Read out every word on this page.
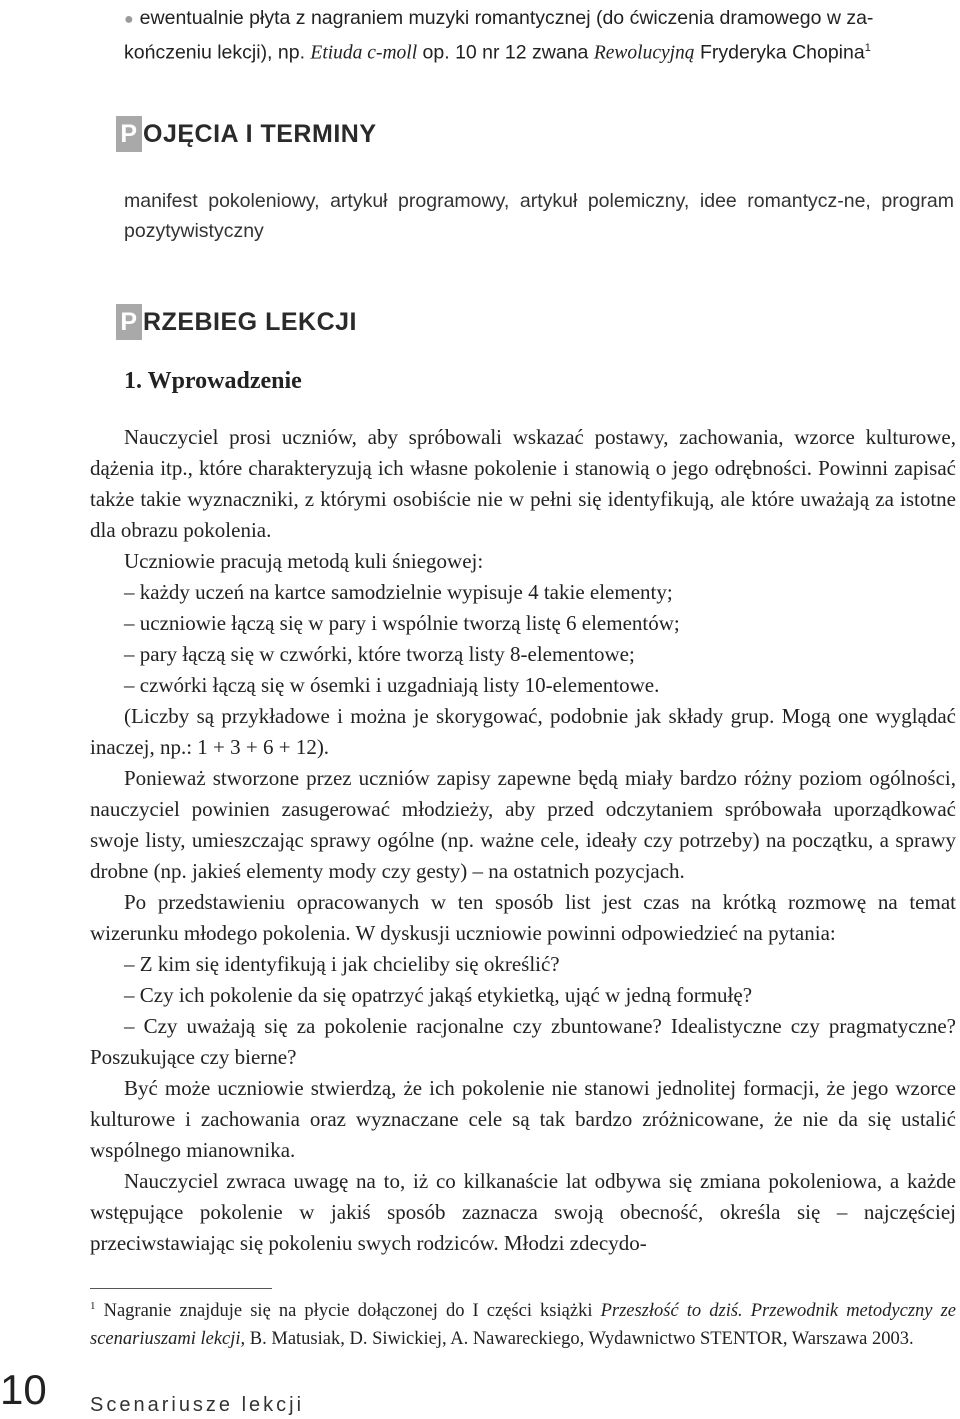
● ewentualnie płyta z nagraniem muzyki romantycznej (do ćwiczenia dramowego w za-
kończeniu lekcji), np. Etiuda c-moll op. 10 nr 12 zwana Rewolucyjną Fryderyka Chopina$^1$
P OJĘCIA I TERMINY
manifest pokoleniowy, artykuł programowy, artykuł polemiczny, idee romantycz-ne, program pozytywistyczny
P RZEBIEG LEKCJI
1. Wprowadzenie

Nauczyciel prosi uczniów, aby spróbowali wskazać postawy, zachowania, wzorce kulturowe, dążenia itp., które charakteryzują ich własne pokolenie i stanowią o jego odrębności. Powinni zapisać także takie wyznaczniki, z którymi osobiście nie w pełni się identyfikują, ale które uważają za istotne dla obrazu pokolenia.

Uczniowie pracują metodą kuli śniegowej:

– każdy uczeń na kartce samodzielnie wypisuje 4 takie elementy;

– uczniowie łączą się w pary i wspólnie tworzą listę 6 elementów;

– pary łączą się w czwórki, które tworzą listy 8-elementowe;

– czwórki łączą się w ósemki i uzgadniają listy 10-elementowe.

(Liczby są przykładowe i można je skorygować, podobnie jak składy grup. Mogą one wyglądać inaczej, np.: 1 + 3 + 6 + 12).

Ponieważ stworzone przez uczniów zapisy zapewne będą miały bardzo różny poziom ogólności, nauczyciel powinien zasugerować młodzieży, aby przed odczytaniem spróbowała uporządkować swoje listy, umieszczając sprawy ogólne (np. ważne cele, ideały czy potrzeby) na początku, a sprawy drobne (np. jakieś elementy mody czy gesty) – na ostatnich pozycjach.

Po przedstawieniu opracowanych w ten sposób list jest czas na krótką rozmowę na temat wizerunku młodego pokolenia. W dyskusji uczniowie powinni odpowiedzieć na pytania:

– Z kim się identyfikują i jak chcieliby się określić?

– Czy ich pokolenie da się opatrzyć jakąś etykietką, ująć w jedną formułę?

– Czy uważają się za pokolenie racjonalne czy zbuntowane? Idealistyczne czy pragmatyczne? Poszukujące czy bierne?

Być może uczniowie stwierdzą, że ich pokolenie nie stanowi jednolitej formacji, że jego wzorce kulturowe i zachowania oraz wyznaczane cele są tak bardzo zróżnicowane, że nie da się ustalić wspólnego mianownika.

Nauczyciel zwraca uwagę na to, iż co kilkanaście lat odbywa się zmiana pokoleniowa, a każde wstępujące pokolenie w jakiś sposób zaznacza swoją obecność, określa się – najczęściej przeciwstawiając się pokoleniu swych rodziców. Młodzi zdecydo-

$^1$ Nagranie znajduje się na płycie dołączonej do I części książki Przeszłość to dziś. Przewodnik metodyczny ze scenariuszami lekcji, B. Matusiak, D. Siwickiej, A. Nawareckiego, Wydawnictwo STENTOR, Warszawa 2003.
10 Scenariusze lekcji
